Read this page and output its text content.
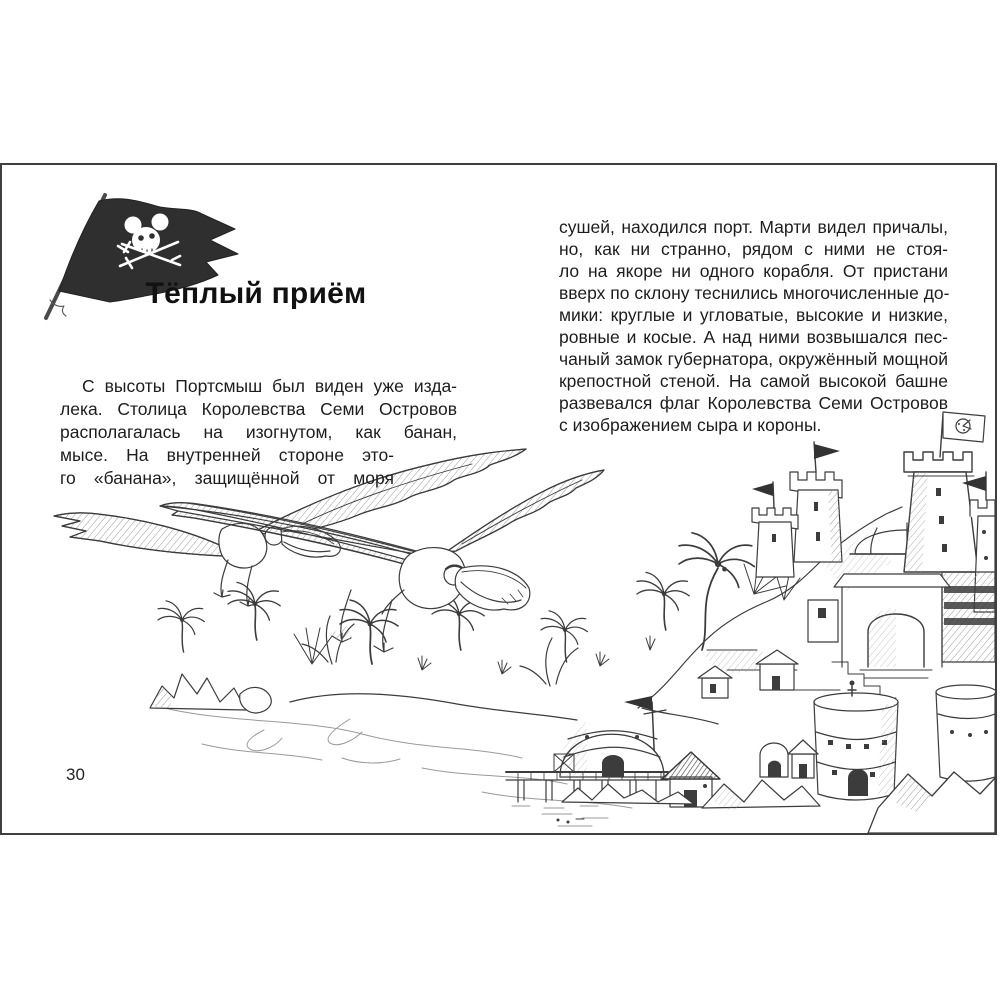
Тёплый приём
С высоты Портсмыш был виден уже изда-
лека. Столица Королевства Семи Островов
располагалась на изогнутом, как банан,
мысе. На внутренней стороне это-
го «банана», защищённой от моря
сушей, находился порт. Марти видел причалы,
но, как ни странно, рядом с ними не стоя-
ло на якоре ни одного корабля. От пристани
вверх по склону теснились многочисленные до-
мики: круглые и угловатые, высокие и низкие,
ровные и косые. А над ними возвышался пес-
чаный замок губернатора, окружённый мощной
крепостной стеной. На самой высокой башне
развевался флаг Королевства Семи Островов
с изображением сыра и короны.
30
